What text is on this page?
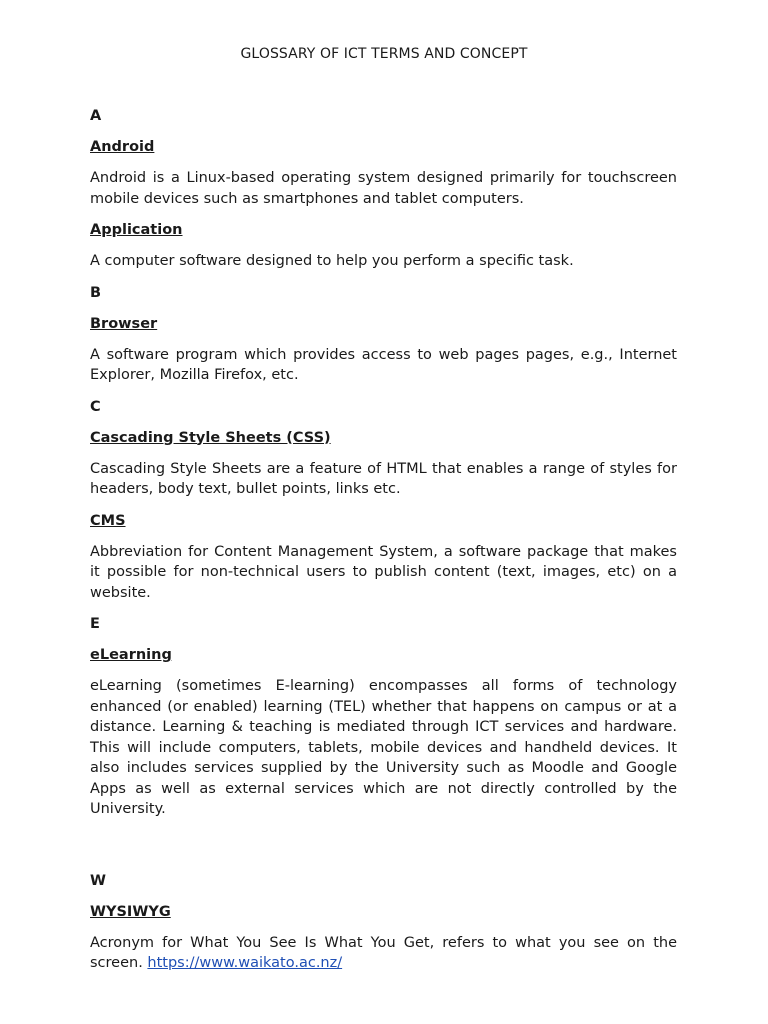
GLOSSARY OF ICT TERMS AND CONCEPT
A
Android
Android is a Linux-based operating system designed primarily for touchscreen mobile devices such as smartphones and tablet computers.
Application
A computer software designed to help you perform a specific task.
B
Browser
A software program which provides access to web pages pages, e.g., Internet Explorer, Mozilla Firefox, etc.
C
Cascading Style Sheets (CSS)
Cascading Style Sheets are a feature of HTML that enables a range of styles for headers, body text, bullet points, links etc.
CMS
Abbreviation for Content Management System, a software package that makes it possible for non-technical users to publish content (text, images, etc) on a website.
E
eLearning
eLearning (sometimes E-learning) encompasses all forms of technology enhanced (or enabled) learning (TEL) whether that happens on campus or at a distance. Learning & teaching is mediated through ICT services and hardware. This will include computers, tablets, mobile devices and handheld devices. It also includes services supplied by the University such as Moodle and Google Apps as well as external services which are not directly controlled by the University.
W
WYSIWYG
Acronym for What You See Is What You Get, refers to what you see on the screen. https://www.waikato.ac.nz/
